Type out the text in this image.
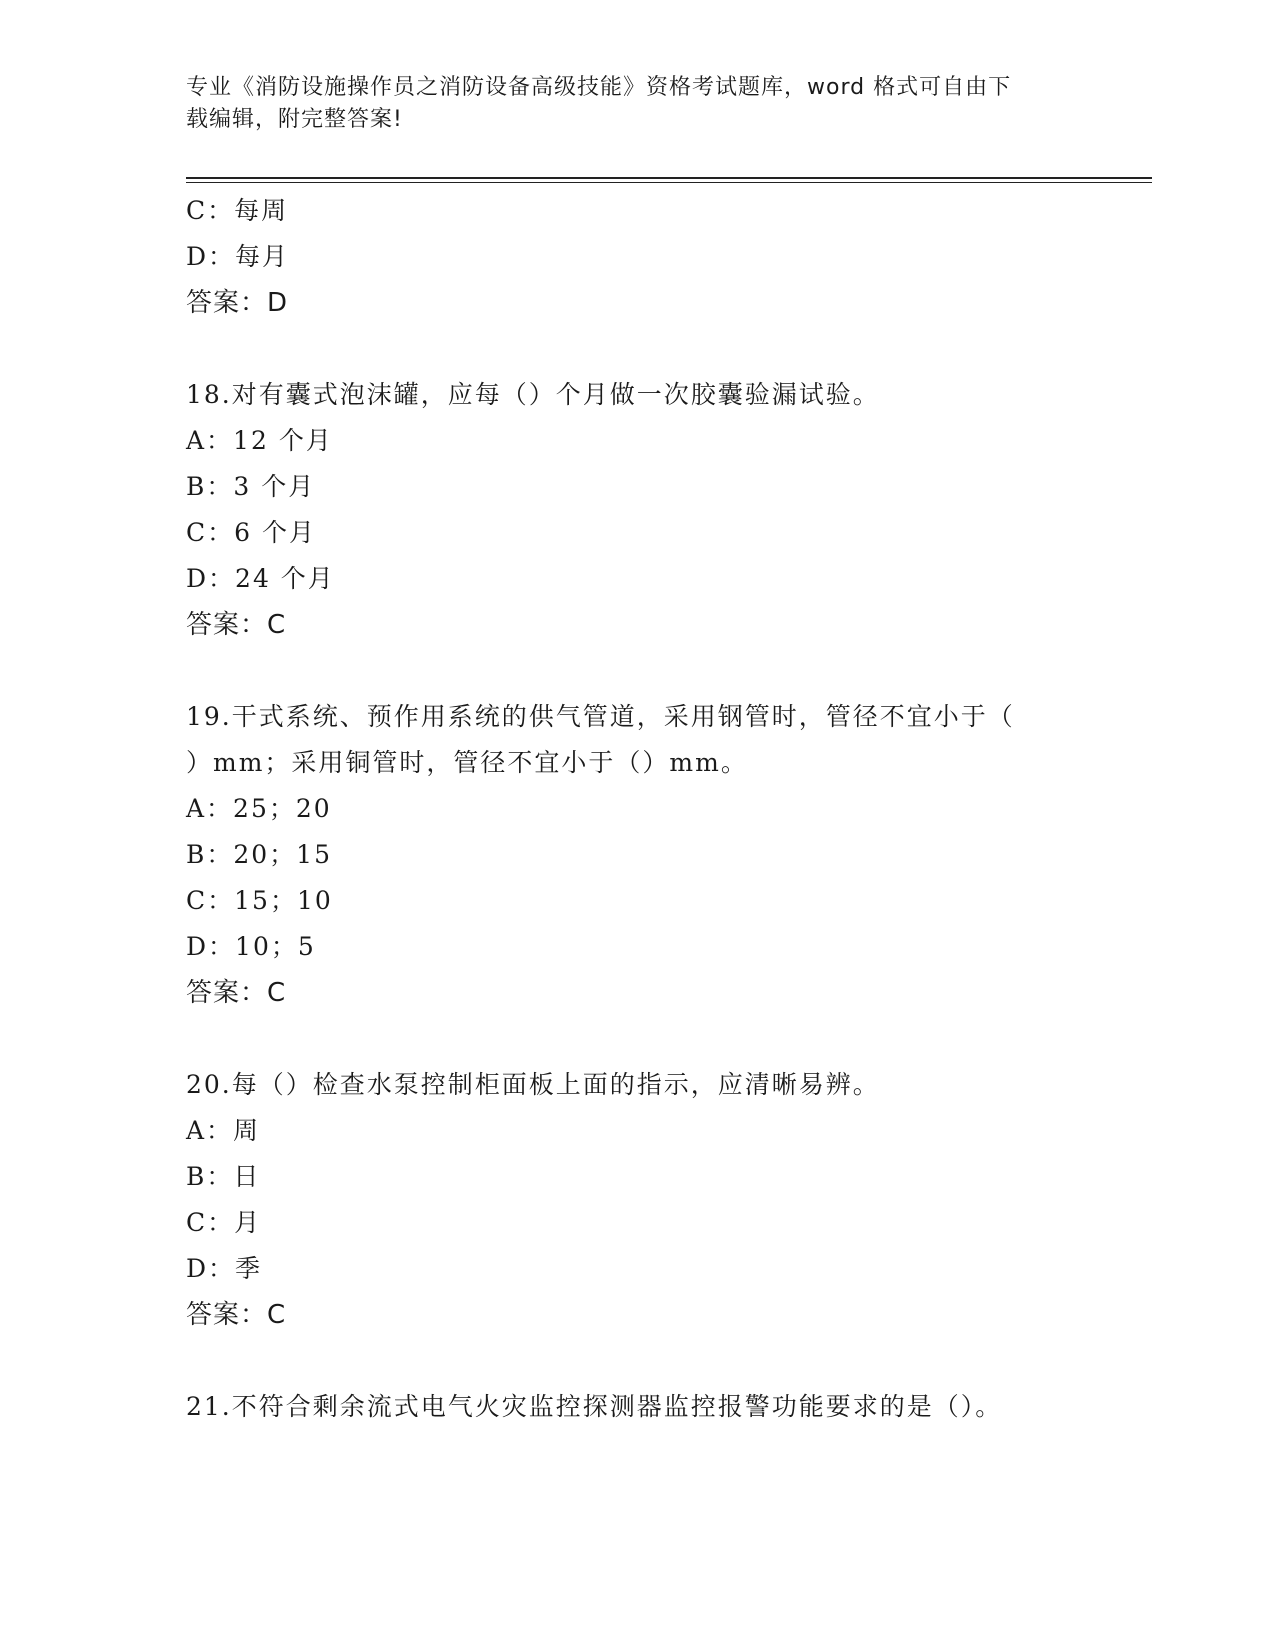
专业《消防设施操作员之消防设备高级技能》资格考试题库，word 格式可自由下
载编辑，附完整答案!
C：每周
D：每月
答案：D
18.对有囊式泡沫罐，应每（）个月做一次胶囊验漏试验。
A：12 个月
B：3 个月
C：6 个月
D：24 个月
答案：C
19.干式系统、预作用系统的供气管道，采用钢管时，管径不宜小于（
）mm；采用铜管时，管径不宜小于（）mm。
A：25；20
B：20；15
C：15；10
D：10；5
答案：C
20.每（）检查水泵控制柜面板上面的指示，应清晰易辨。
A：周
B：日
C：月
D：季
答案：C
21.不符合剩余流式电气火灾监控探测器监控报警功能要求的是（）。
